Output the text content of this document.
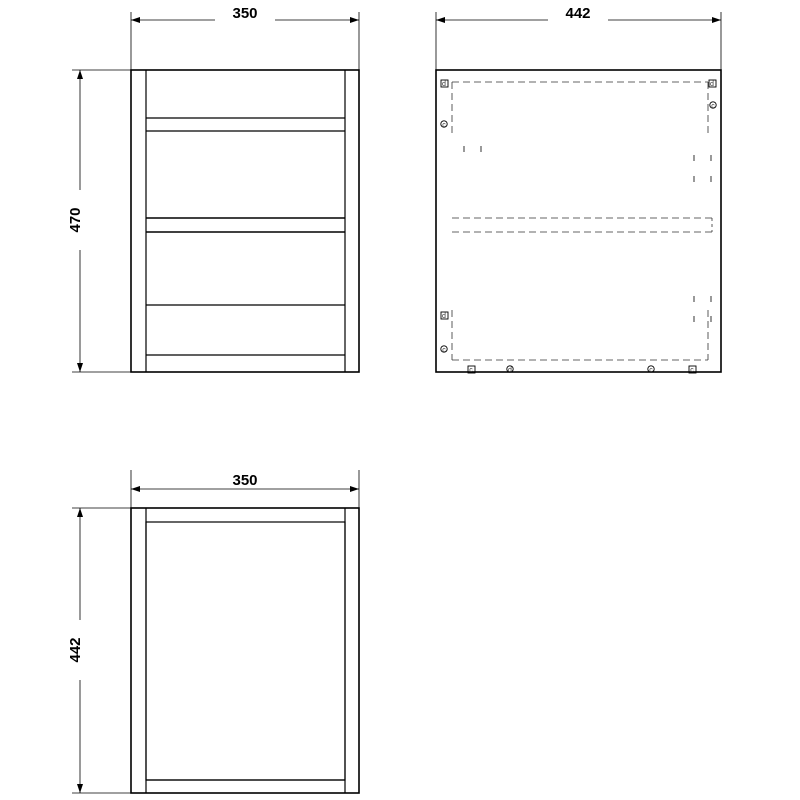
350
470
d
c
d
c
d
c
c	d	c	c
442
350
442
